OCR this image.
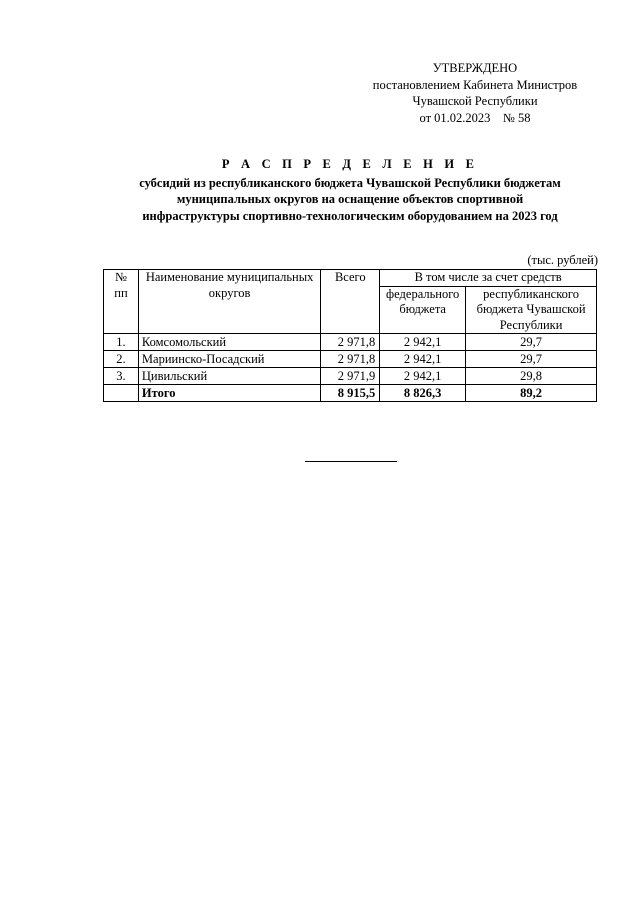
УТВЕРЖДЕНО
постановлением Кабинета Министров
Чувашской Республики
от 01.02.2023    № 58
Р А С П Р Е Д Е Л Е Н И Е
субсидий из республиканского бюджета Чувашской Республики бюджетам
муниципальных округов на оснащение объектов спортивной
инфраструктуры спортивно-технологическим оборудованием на 2023 год
(тыс. рублей)
№ пп	Наименование муниципальных округов	Всего	В том числе за счет средств	
			федерального бюджета	республиканского бюджета Чувашской Республики
1.	Комсомольский	2 971,8	2 942,1	29,7
2.	Мариинско-Посадский	2 971,8	2 942,1	29,7
3.	Цивильский	2 971,9	2 942,1	29,8
	Итого	8 915,5	8 826,3	89,2
